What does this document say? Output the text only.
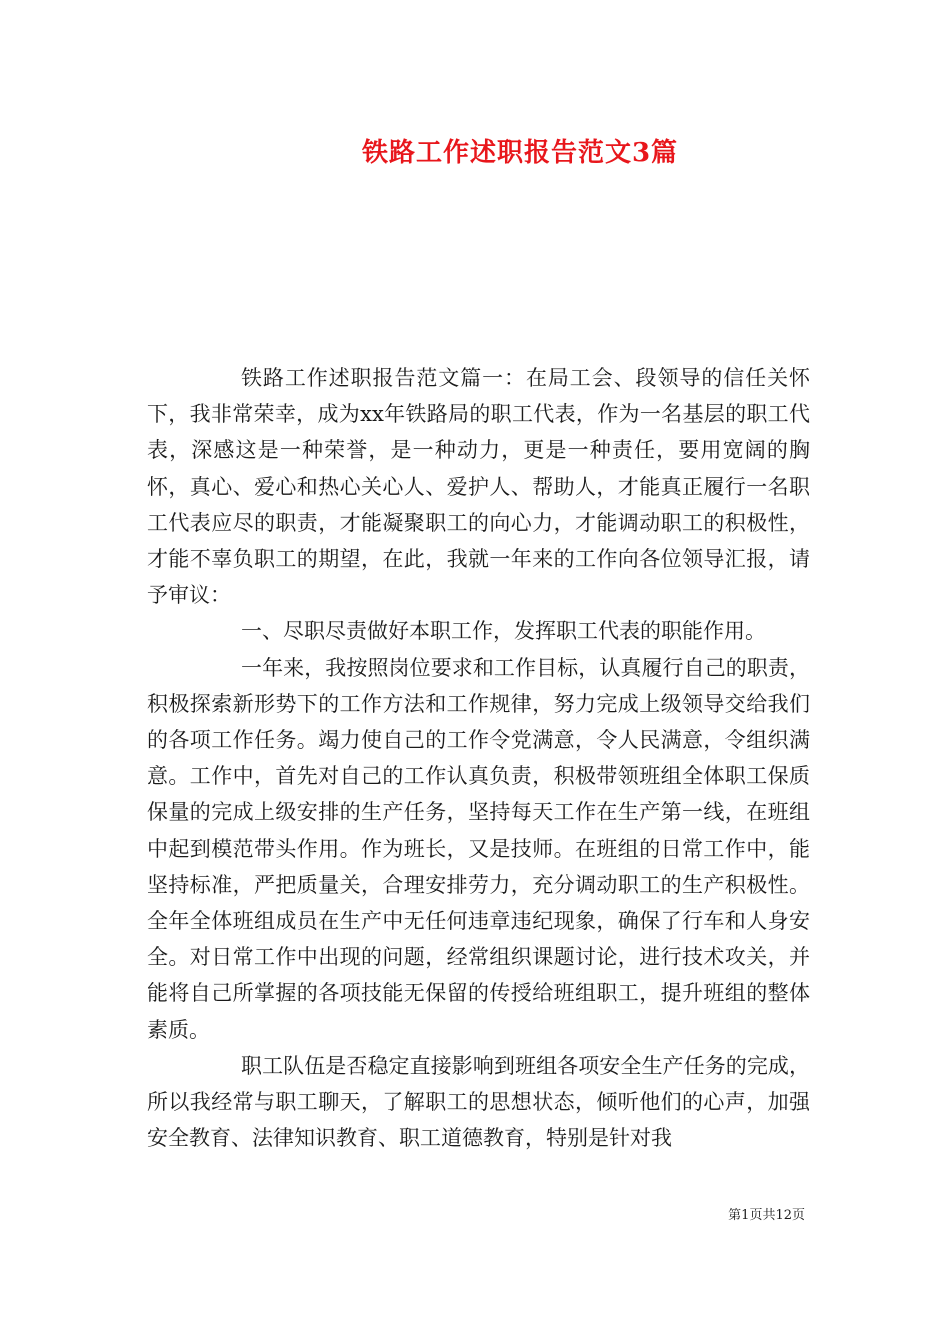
铁路工作述职报告范文3篇

铁路工作述职报告范文篇一：在局工会、段领导的信任关怀下，我非常荣幸，成为xx年铁路局的职工代表，作为一名基层的职工代表，深感这是一种荣誉，是一种动力，更是一种责任，要用宽阔的胸怀，真心、爱心和热心关心人、爱护人、帮助人，才能真正履行一名职工代表应尽的职责，才能凝聚职工的向心力，才能调动职工的积极性，才能不辜负职工的期望，在此，我就一年来的工作向各位领导汇报，请予审议：

一、尽职尽责做好本职工作，发挥职工代表的职能作用。

一年来，我按照岗位要求和工作目标，认真履行自己的职责，积极探索新形势下的工作方法和工作规律，努力完成上级领导交给我们的各项工作任务。竭力使自己的工作令党满意，令人民满意，令组织满意。工作中，首先对自己的工作认真负责，积极带领班组全体职工保质保量的完成上级安排的生产任务，坚持每天工作在生产第一线，在班组中起到模范带头作用。作为班长，又是技师。在班组的日常工作中，能坚持标准，严把质量关，合理安排劳力，充分调动职工的生产积极性。全年全体班组成员在生产中无任何违章违纪现象，确保了行车和人身安全。对日常工作中出现的问题，经常组织课题讨论，进行技术攻关，并能将自己所掌握的各项技能无保留的传授给班组职工，提升班组的整体素质。

职工队伍是否稳定直接影响到班组各项安全生产任务的完成，所以我经常与职工聊天，了解职工的思想状态，倾听他们的心声，加强安全教育、法律知识教育、职工道德教育，特别是针对我

第1页共12页
